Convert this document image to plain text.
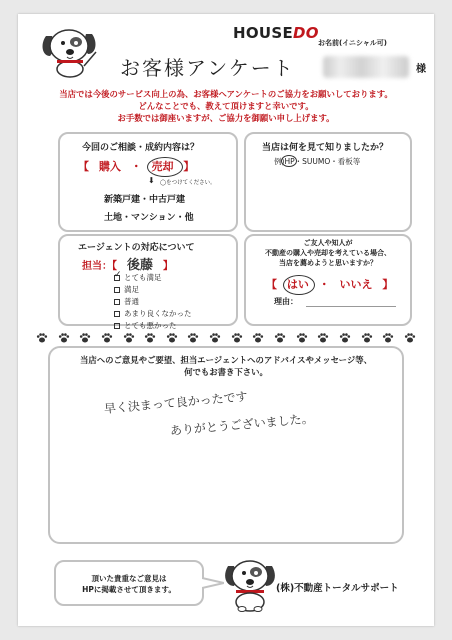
HOUSEDO
お名前(イニシャル可)
お客様アンケート	様
当店では今後のサービス向上の為、お客様へアンケートのご協力をお願いしております。
どんなことでも、教えて頂けますと幸いです。
お手数では御座いますが、ご協力を御願い申し上げます。
今回のご相談・成約内容は？
【 購入 ・ 売却 】
⬇ ◯をつけてください。
新築戸建・中古戸建
土地・マンション・他
当店は何を見て知りましたか？
例)HP
・SUUMO・看板等
エージェントの対応について
担当：【 後藤 】
✓ とても満足
満足
普通
あまり良くなかった
とても悪かった
ご友人や知人が
不動産の購入や売却を考えている場合、
当店を薦めようと思いますか？
【 はい ・ いいえ 】
理由：
当店へのご意見やご要望、担当エージェントへのアドバイスやメッセージ等、
何でもお書き下さい。
早く決まって良かったです
ありがとうございました。
頂いた貴重なご意見は
HPに掲載させて頂きます。	(株)不動産トータルサポート
